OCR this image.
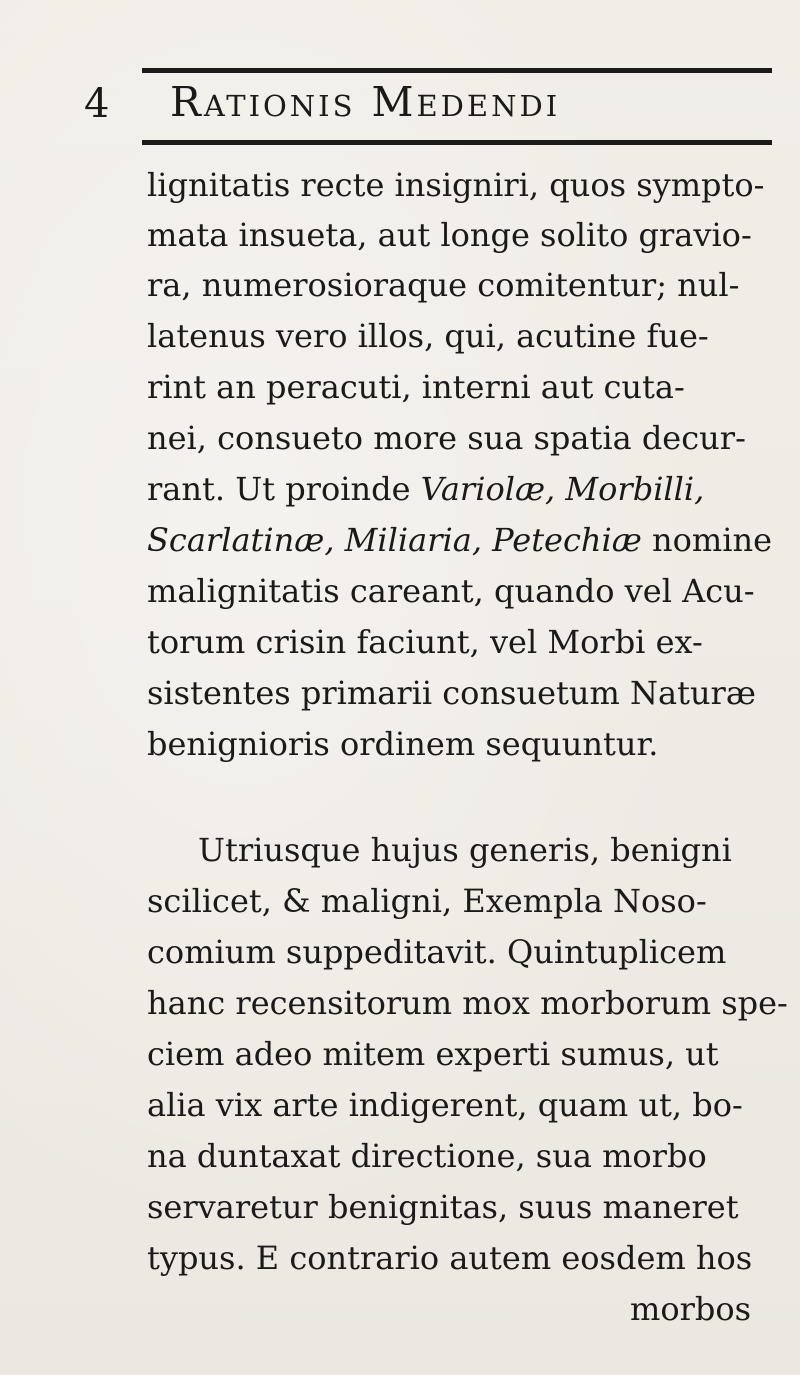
4 Rationis Medendi
lignitatis recte insigniri, quos sympto-
mata insueta, aut longe solito gravio-
ra, numerosioraque comitentur; nul-
latenus vero illos, qui, acutine fue-
rint an peracuti, interni aut cuta-
nei, consueto more sua spatia decur-
rant. Ut proinde Variolæ, Morbilli,
Scarlatinæ, Miliaria, Petechiæ nomine
malignitatis careant, quando vel Acu-
torum crisin faciunt, vel Morbi ex-
sistentes primarii consuetum Naturæ
benignioris ordinem sequuntur.
Utriusque hujus generis, benigni
scilicet, & maligni, Exempla Noso-
comium suppeditavit. Quintuplicem
hanc recensitorum mox morborum spe-
ciem adeo mitem experti sumus, ut
alia vix arte indigerent, quam ut, bo-
na duntaxat directione, sua morbo
servaretur benignitas, suus maneret
typus. E contrario autem eosdem hos
morbos
